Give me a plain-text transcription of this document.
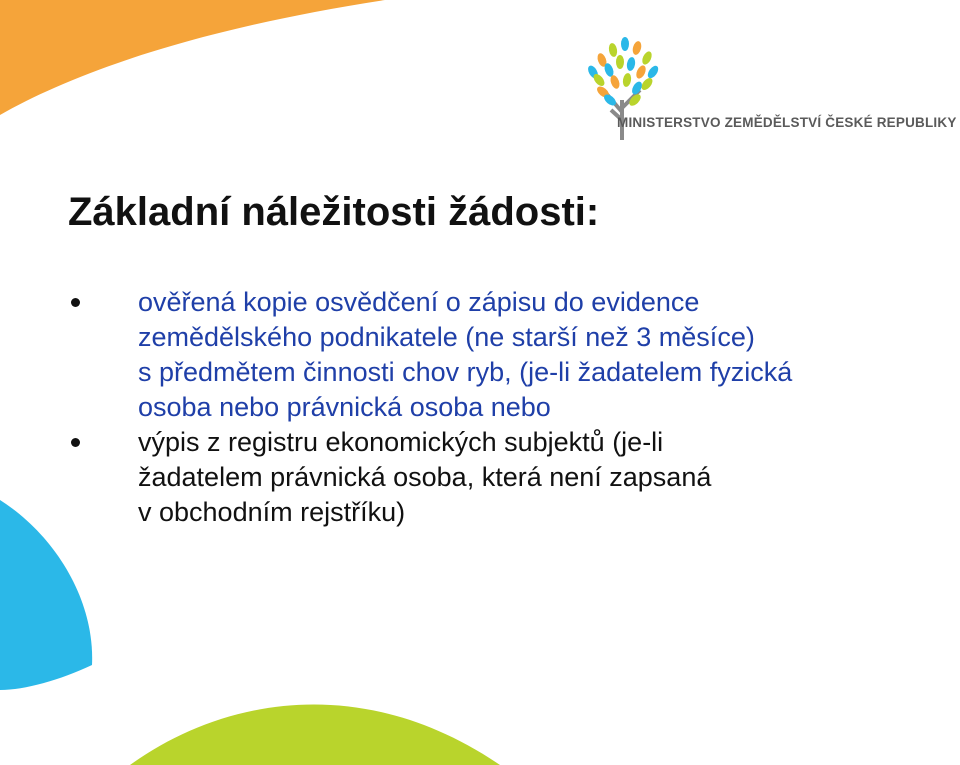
MINISTERSTVO ZEMĚDĚLSTVÍ ČESKÉ REPUBLIKY
Základní náležitosti žádosti:
ověřená kopie osvědčení o zápisu do evidence
zemědělského podnikatele (ne starší než 3 měsíce)
s předmětem činnosti chov ryb, (je-li žadatelem fyzická
osoba nebo právnická osoba nebo
výpis z registru ekonomických subjektů (je-li
žadatelem právnická osoba, která není zapsaná
v obchodním rejstříku)
